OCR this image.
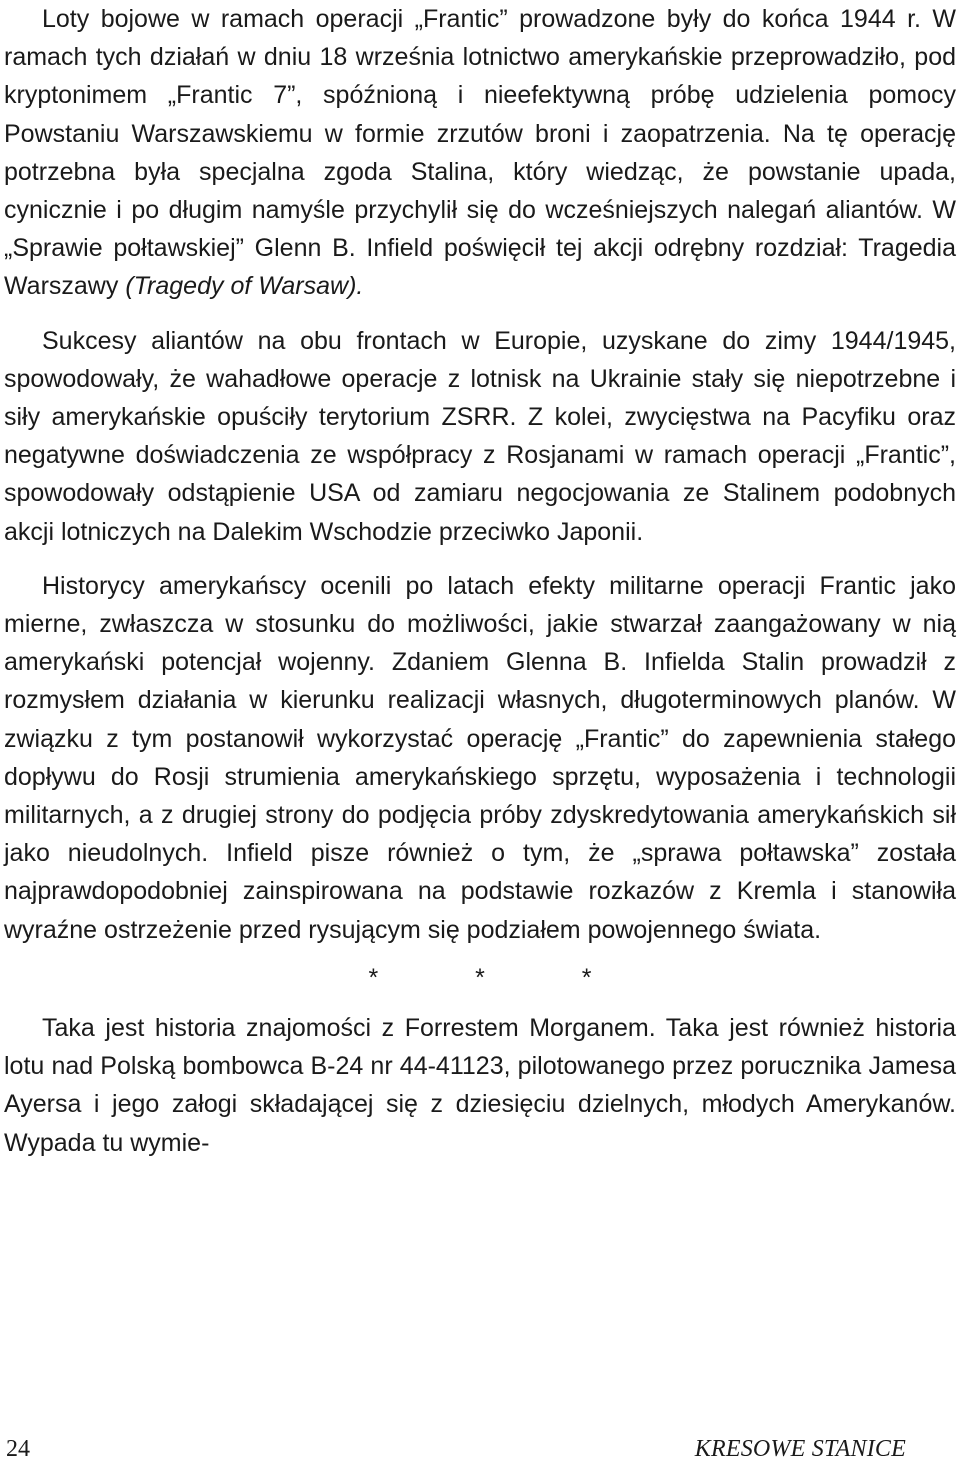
Loty bojowe w ramach operacji „Frantic” prowadzone były do końca 1944 r. W ramach tych działań w dniu 18 września lotnictwo amerykańskie przeprowadziło, pod kryptonimem „Frantic 7”, spóźnioną i nieefektywną próbę udzielenia pomocy Powstaniu Warszawskiemu w formie zrzutów broni i zaopatrzenia. Na tę operację potrzebna była specjalna zgoda Stalina, który wiedząc, że powstanie upada, cynicznie i po długim namyśle przychylił się do wcześniejszych nalegań aliantów. W „Sprawie połtawskiej” Glenn B. Infield poświęcił tej akcji odrębny rozdział: Tragedia Warszawy (Tragedy of Warsaw).

Sukcesy aliantów na obu frontach w Europie, uzyskane do zimy 1944/1945, spowodowały, że wahadłowe operacje z lotnisk na Ukrainie stały się niepotrzebne i siły amerykańskie opuściły terytorium ZSRR. Z kolei, zwycięstwa na Pacyfiku oraz negatywne doświadczenia ze współpracy z Rosjanami w ramach operacji „Frantic”, spowodowały odstąpienie USA od zamiaru negocjowania ze Stalinem podobnych akcji lotniczych na Dalekim Wschodzie przeciwko Japonii.

Historycy amerykańscy ocenili po latach efekty militarne operacji Frantic jako mierne, zwłaszcza w stosunku do możliwości, jakie stwarzał zaangażowany w nią amerykański potencjał wojenny. Zdaniem Glenna B. Infielda Stalin prowadził z rozmysłem działania w kierunku realizacji własnych, długoterminowych planów. W związku z tym postanowił wykorzystać operację „Frantic” do zapewnienia stałego dopływu do Rosji strumienia amerykańskiego sprzętu, wyposażenia i technologii militarnych, a z drugiej strony do podjęcia próby zdyskredytowania amerykańskich sił jako nieudolnych. Infield pisze również o tym, że „sprawa połtawska” została najprawdopodobniej zainspirowana na podstawie rozkazów z Kremla i stanowiła wyraźne ostrzeżenie przed rysującym się podziałem powojennego świata.

* * *

Taka jest historia znajomości z Forrestem Morganem. Taka jest również historia lotu nad Polską bombowca B-24 nr 44-41123, pilotowanego przez porucznika Jamesa Ayersa i jego załogi składającej się z dziesięciu dzielnych, młodych Amerykanów. Wypada tu wymie-

24	KRESOWE STANICE
